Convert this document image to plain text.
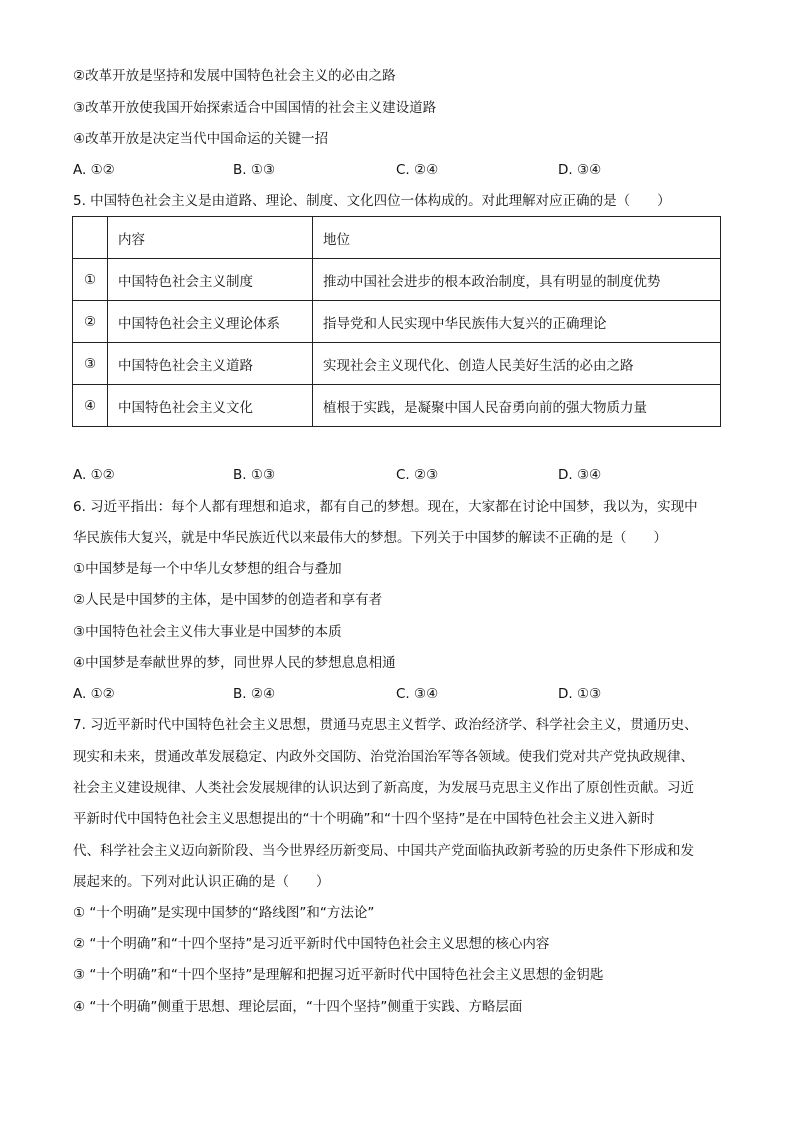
②改革开放是坚持和发展中国特色社会主义的必由之路
③改革开放使我国开始探索适合中国国情的社会主义建设道路
④改革开放是决定当代中国命运的关键一招
A. ①②	B. ①③	C. ②④	D. ③④
5. 中国特色社会主义是由道路、理论、制度、文化四位一体构成的。对此理解对应正确的是（　　）
	内容	地位
①	中国特色社会主义制度	推动中国社会进步的根本政治制度，具有明显的制度优势
②	中国特色社会主义理论体系	指导党和人民实现中华民族伟大复兴的正确理论
③	中国特色社会主义道路	实现社会主义现代化、创造人民美好生活的必由之路
④	中国特色社会主义文化	植根于实践，是凝聚中国人民奋勇向前的强大物质力量
A. ①②	B. ①③	C. ②③	D. ③④
6. 习近平指出：每个人都有理想和追求，都有自己的梦想。现在，大家都在讨论中国梦，我以为，实现中
华民族伟大复兴，就是中华民族近代以来最伟大的梦想。下列关于中国梦的解读不正确的是（　　）
①中国梦是每一个中华儿女梦想的组合与叠加
②人民是中国梦的主体，是中国梦的创造者和享有者
③中国特色社会主义伟大事业是中国梦的本质
④中国梦是奉献世界的梦，同世界人民的梦想息息相通
A. ①②	B. ②④	C. ③④	D. ①③
7. 习近平新时代中国特色社会主义思想，贯通马克思主义哲学、政治经济学、科学社会主义，贯通历史、
现实和未来，贯通改革发展稳定、内政外交国防、治党治国治军等各领域。使我们党对共产党执政规律、
社会主义建设规律、人类社会发展规律的认识达到了新高度，为发展马克思主义作出了原创性贡献。习近
平新时代中国特色社会主义思想提出的“十个明确”和“十四个坚持”是在中国特色社会主义进入新时
代、科学社会主义迈向新阶段、当今世界经历新变局、中国共产党面临执政新考验的历史条件下形成和发
展起来的。下列对此认识正确的是（　　）
① “十个明确”是实现中国梦的“路线图”和“方法论”
② “十个明确”和“十四个坚持”是习近平新时代中国特色社会主义思想的核心内容
③ “十个明确”和“十四个坚持”是理解和把握习近平新时代中国特色社会主义思想的金钥匙
④ “十个明确”侧重于思想、理论层面，“十四个坚持”侧重于实践、方略层面
